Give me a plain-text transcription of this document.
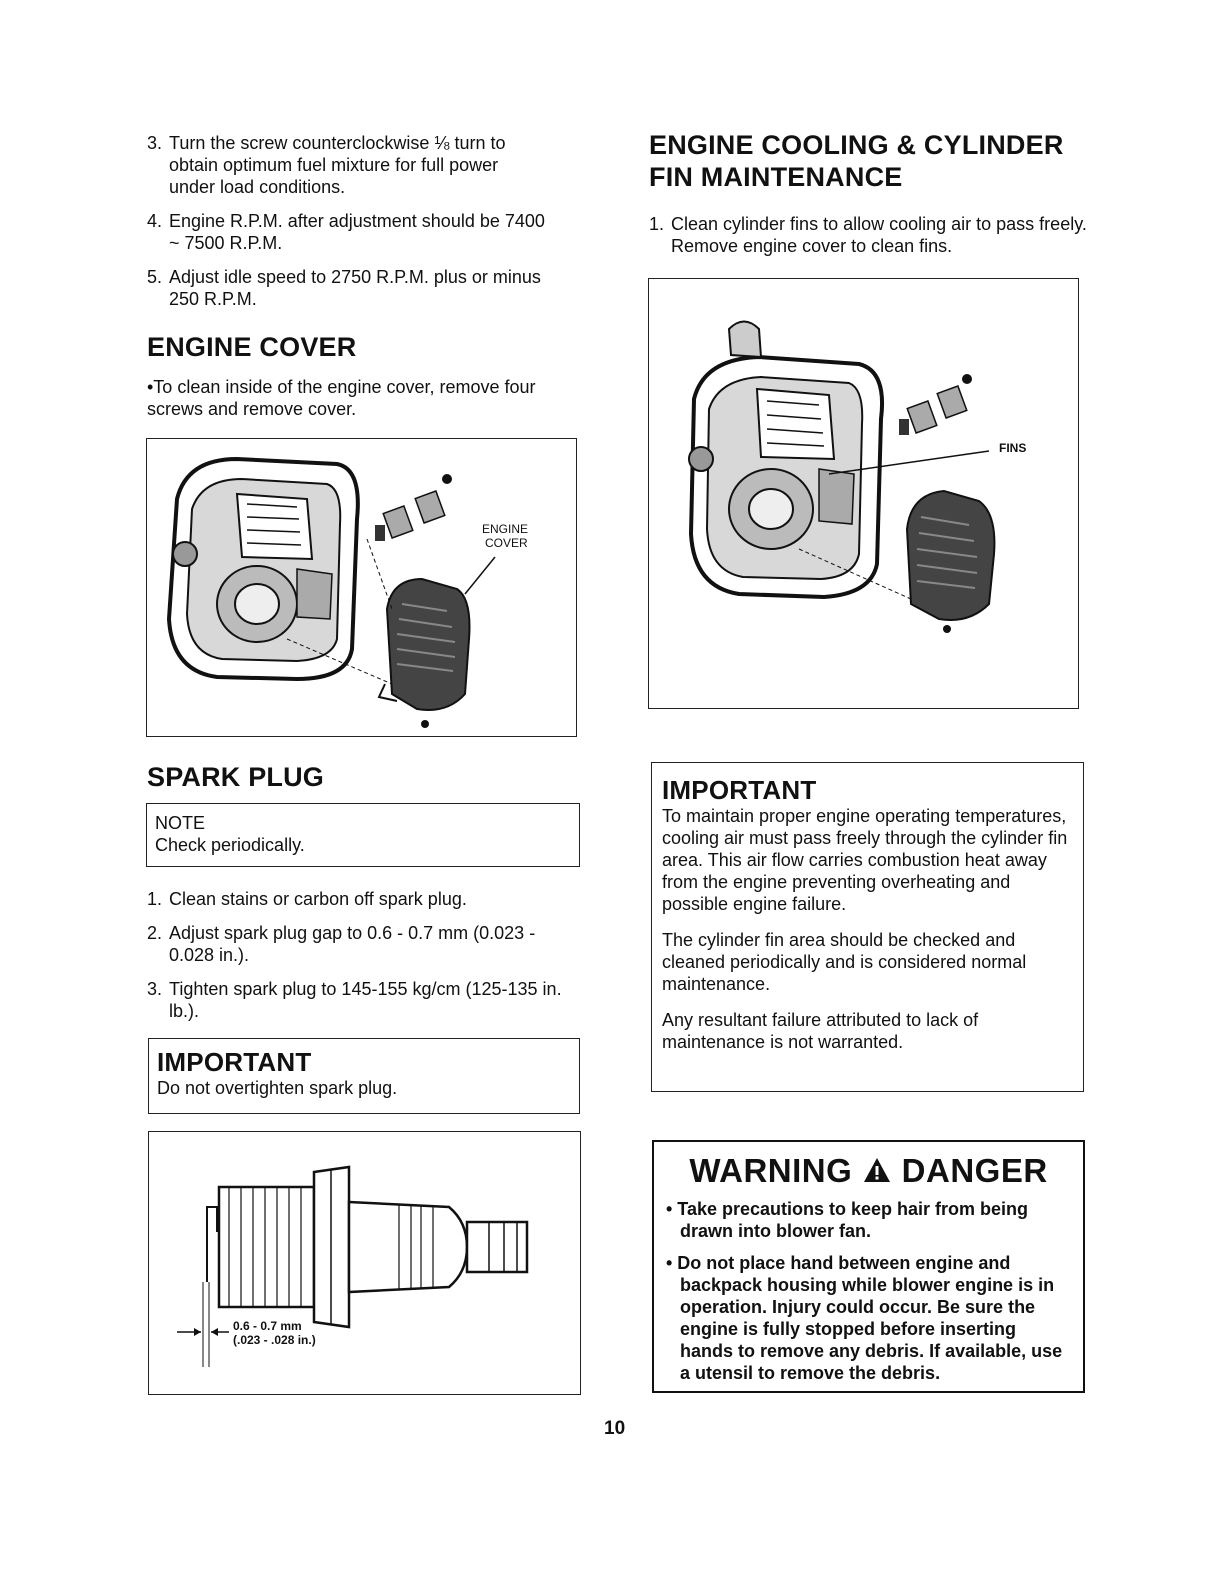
3. Turn the screw counterclockwise ⅛ turn to obtain optimum fuel mixture for full power under load conditions.
4. Engine R.P.M. after adjustment should be 7400 ~ 7500 R.P.M.
5. Adjust idle speed to 2750 R.P.M. plus or minus 250 R.P.M.
ENGINE COVER
•To clean inside of the engine cover, remove four screws and remove cover.
ENGINE
COVER
SPARK PLUG
NOTE
Check periodically.
1. Clean stains or carbon off spark plug.
2. Adjust spark plug gap to 0.6 - 0.7 mm (0.023 - 0.028 in.).
3. Tighten spark plug to 145-155 kg/cm (125-135 in. lb.).
IMPORTANT
Do not overtighten spark plug.
0.6 - 0.7 mm
(.023 - .028 in.)
ENGINE COOLING & CYLINDER FIN MAINTENANCE
1. Clean cylinder fins to allow cooling air to pass freely. Remove engine cover to clean fins.
FINS
IMPORTANT
To maintain proper engine operating temperatures, cooling air must pass freely through the cylinder fin area. This air flow carries combustion heat away from the engine preventing overheating and possible engine failure.
The cylinder fin area should be checked and cleaned periodically and is considered normal maintenance.
Any resultant failure attributed to lack of maintenance is not warranted.
WARNING DANGER
• Take precautions to keep hair from being drawn into blower fan.
• Do not place hand between engine and backpack housing while blower engine is in operation. Injury could occur. Be sure the engine is fully stopped before inserting hands to remove any debris. If available, use a utensil to remove the debris.
10
